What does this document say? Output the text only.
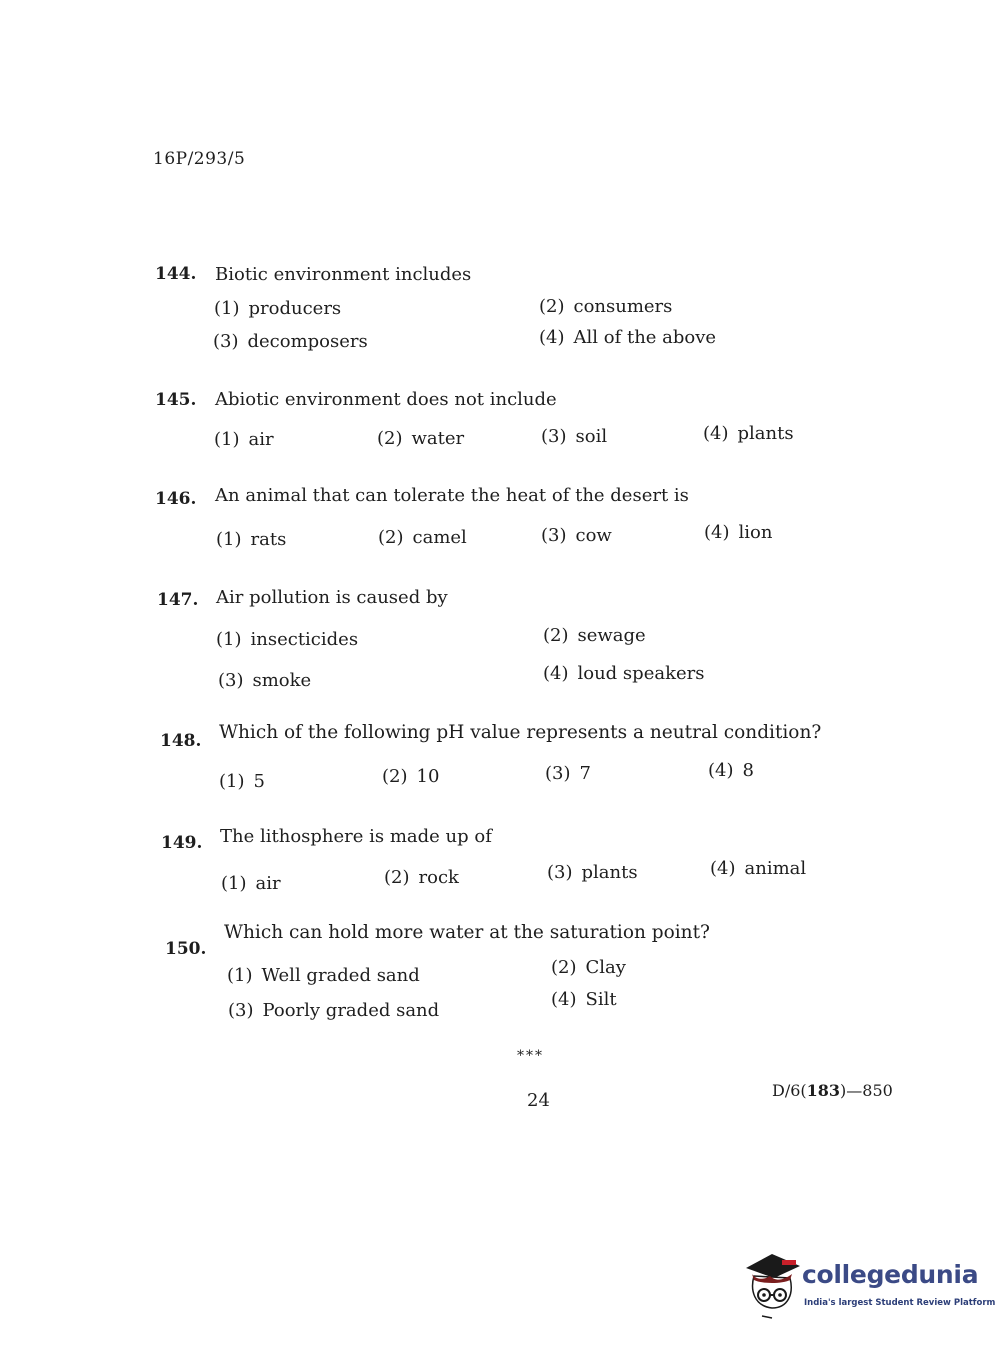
16P/293/5
144. Biotic environment includes
(1) producers	(2) consumers
(3) decomposers	(4) All of the above
145. Abiotic environment does not include
(1) air	(2) water	(3) soil	(4) plants
146. An animal that can tolerate the heat of the desert is
(1) rats	(2) camel	(3) cow	(4) lion
147. Air pollution is caused by
(1) insecticides	(2) sewage
(3) smoke	(4) loud speakers
148. Which of the following pH value represents a neutral condition?
(1) 5	(2) 10	(3) 7	(4) 8
149. The lithosphere is made up of
(1) air	(2) rock	(3) plants	(4) animal
150.
Which can hold more water at the saturation point?
(1) Well graded sand	(2) Clay
(3) Poorly graded sand
(4) Silt
***
24	D/6(183)—850
collegedunia
India's largest Student Review Platform
